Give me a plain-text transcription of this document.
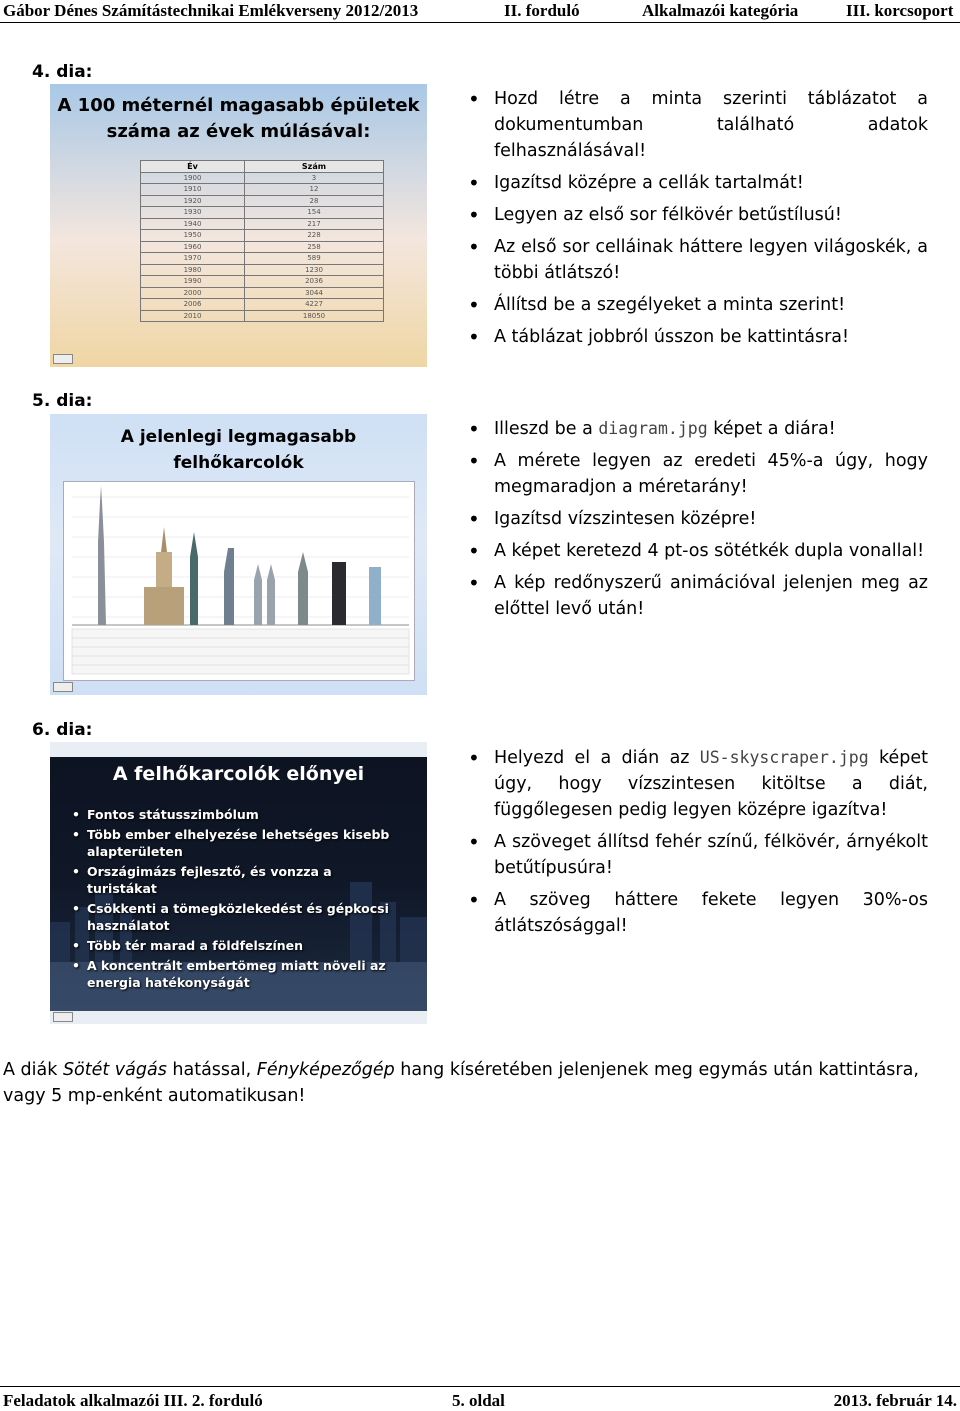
Gábor Dénes Számítástechnikai Emlékverseny 2012/2013	II. forduló	Alkalmazói kategória	III. korcsoport
4. dia:
A 100 méternél magasabb épületek
száma az évek múlásával:
Év	Szám
1900	3
1910	12
1920	28
1930	154
1940	217
1950	228
1960	258
1970	589
1980	1230
1990	2036
2000	3044
2006	4227
2010	18050
• Hozd létre a minta szerinti táblázatot a dokumentumban található adatok felhasználásával!
• Igazítsd középre a cellák tartalmát!
• Legyen az első sor félkövér betűstílusú!
• Az első sor celláinak háttere legyen világoskék, a többi átlátszó!
• Állítsd be a szegélyeket a minta szerint!
• A táblázat jobbról ússzon be kattintásra!
5. dia:
A jelenlegi legmagasabb
felhőkarcolók
• Illeszd be a diagram.jpg képet a diára!
• A mérete legyen az eredeti 45%-a úgy, hogy megmaradjon a méretarány!
• Igazítsd vízszintesen középre!
• A képet keretezd 4 pt-os sötétkék dupla vonallal!
• A kép redőnyszerű animációval jelenjen meg az előttel levő után!
6. dia:
A felhőkarcolók előnyei
• Fontos státusszimbólum
• Több ember elhelyezése lehetséges kisebb alapterületen
• Országimázs fejlesztő, és vonzza a turistákat
• Csökkenti a tömegközlekedést és gépkocsi használatot
• Több tér marad a földfelszínen
• A koncentrált embertömeg miatt növeli az energia hatékonyságát
• Helyezd el a dián az US-skyscraper.jpg képet úgy, hogy vízszintesen kitöltse a diát, függőlegesen pedig legyen középre igazítva!
• A szöveget állítsd fehér színű, félkövér, árnyékolt betűtípusúra!
• A szöveg háttere fekete legyen 30%-os átlátszósággal!
A diák Sötét vágás hatással, Fényképezőgép hang kíséretében jelenjenek meg egymás után kattintásra, vagy 5 mp-enként automatikusan!
Feladatok alkalmazói III. 2. forduló	5. oldal	2013. február 14.
